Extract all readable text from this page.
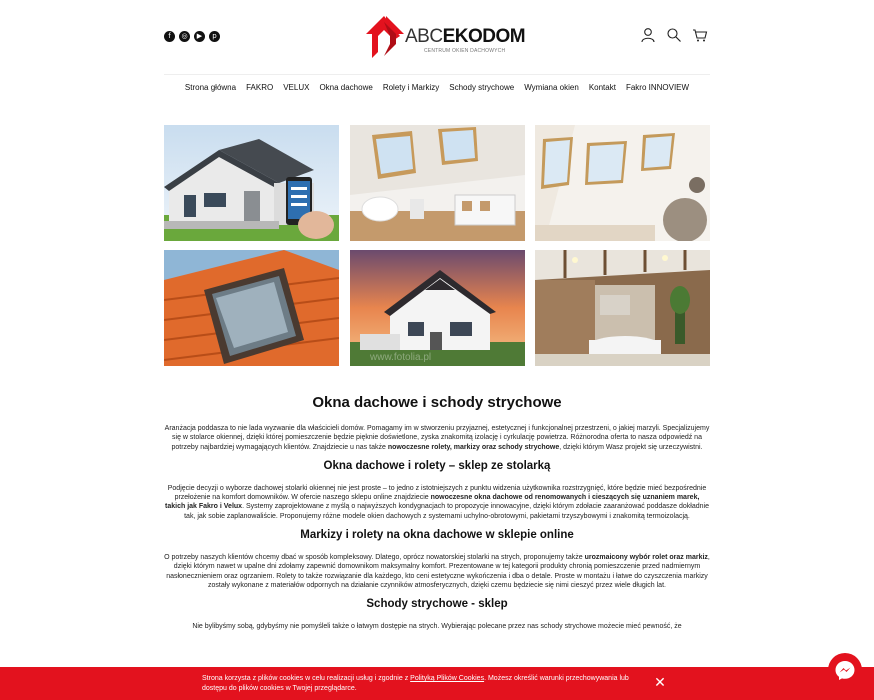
f	◎	▶	p	ABCEKODOM
CENTRUM OKIEN DACHOWYCH
Strona główna	FAKRO	VELUX	Okna dachowe	Rolety i Markizy	Schody strychowe	Wymiana okien	Kontakt	Fakro INNOVIEW
www.fotolia.pl
Okna dachowe i schody strychowe

Aranżacja poddasza to nie lada wyzwanie dla właścicieli domów. Pomagamy im w stworzeniu przyjaznej, estetycznej i funkcjonalnej przestrzeni, o jakiej marzyli. Specjalizujemy się w stolarce okiennej, dzięki której pomieszczenie będzie pięknie doświetlone, zyska znakomitą izolację i cyrkulację powietrza. Różnorodna oferta to nasza odpowiedź na potrzeby najbardziej wymagających klientów. Znajdziecie u nas także nowoczesne rolety, markizy oraz schody strychowe, dzięki którym Wasz projekt się urzeczywistni.

Okna dachowe i rolety – sklep ze stolarką

Podjęcie decyzji o wyborze dachowej stolarki okiennej nie jest proste – to jedno z istotniejszych z punktu widzenia użytkownika rozstrzygnięć, które będzie mieć bezpośrednie przełożenie na komfort domowników. W ofercie naszego sklepu online znajdziecie nowoczesne okna dachowe od renomowanych i cieszących się uznaniem marek, takich jak Fakro i Velux. Systemy zaprojektowane z myślą o najwyższych kondygnacjach to propozycje innowacyjne, dzięki którym zdołacie zaaranżować poddasze dokładnie tak, jak sobie zaplanowaliście. Proponujemy różne modele okien dachowych z systemami uchylno-obrotowymi, pakietami trzyszybowymi i znakomitą termoizolacją.

Markizy i rolety na okna dachowe w sklepie online

O potrzeby naszych klientów chcemy dbać w sposób kompleksowy. Dlatego, oprócz nowatorskiej stolarki na strych, proponujemy także urozmaicony wybór rolet oraz markiz, dzięki którym nawet w upalne dni zdołamy zapewnić domownikom maksymalny komfort. Prezentowane w tej kategorii produkty chronią pomieszczenie przed nadmiernym nasłonecznieniem oraz ogrzaniem. Rolety to także rozwiązanie dla każdego, kto ceni estetyczne wykończenia i dba o detale. Proste w montażu i łatwe do czyszczenia markizy zostały wykonane z materiałów odpornych na działanie czynników atmosferycznych, dzięki czemu będziecie się nimi cieszyć przez wiele długich lat.

Schody strychowe - sklep

Nie bylibyśmy sobą, gdybyśmy nie pomyśleli także o łatwym dostępie na strych. Wybierając polecane przez nas schody strychowe możecie mieć pewność, że

Strona korzysta z plików cookies w celu realizacji usług i zgodnie z Polityką Plików Cookies. Możesz określić warunki przechowywania lub dostępu do plików cookies w Twojej przeglądarce.	✕
